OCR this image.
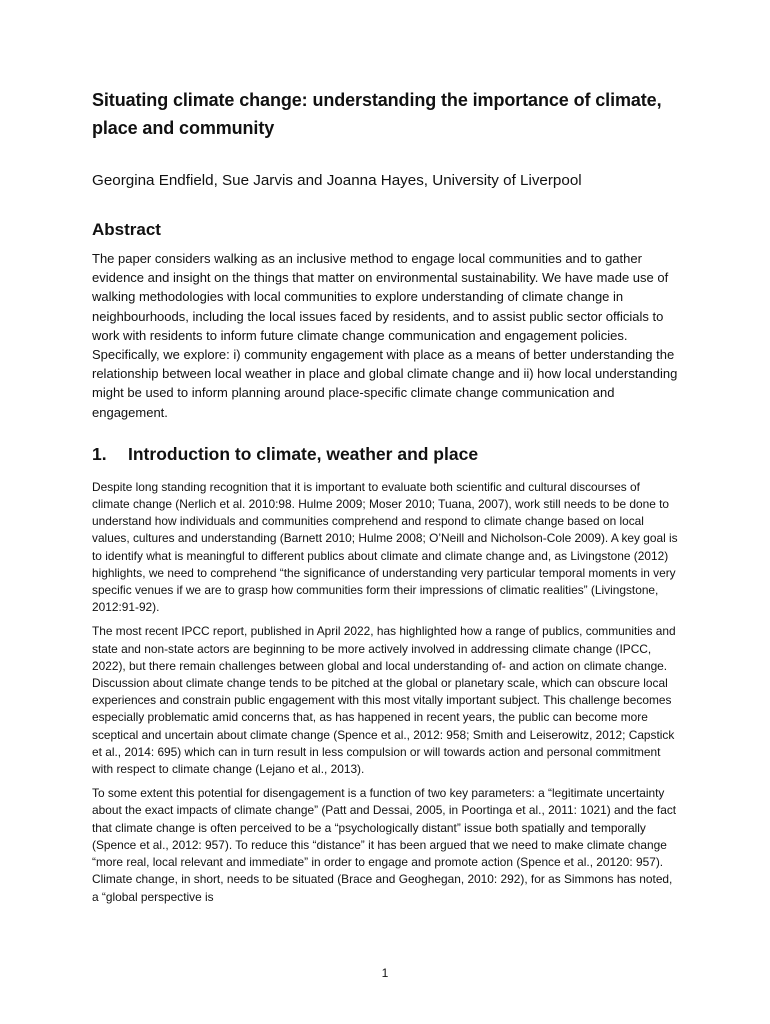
Situating climate change: understanding the importance of climate, place and community

Georgina Endfield, Sue Jarvis and Joanna Hayes, University of Liverpool

Abstract

The paper considers walking as an inclusive method to engage local communities and to gather evidence and insight on the things that matter on environmental sustainability. We have made use of walking methodologies with local communities to explore understanding of climate change in neighbourhoods, including the local issues faced by residents, and to assist public sector officials to work with residents to inform future climate change communication and engagement policies. Specifically, we explore: i) community engagement with place as a means of better understanding the relationship between local weather in place and global climate change and ii) how local understanding might be used to inform planning around place-specific climate change communication and engagement.

1.	Introduction to climate, weather and place

Despite long standing recognition that it is important to evaluate both scientific and cultural discourses of climate change (Nerlich et al. 2010:98. Hulme 2009; Moser 2010; Tuana, 2007), work still needs to be done to understand how individuals and communities comprehend and respond to climate change based on local values, cultures and understanding (Barnett 2010; Hulme 2008; O’Neill and Nicholson-Cole 2009). A key goal is to identify what is meaningful to different publics about climate and climate change and, as Livingstone (2012) highlights, we need to comprehend “the significance of understanding very particular temporal moments in very specific venues if we are to grasp how communities form their impressions of climatic realities” (Livingstone, 2012:91-92).

The most recent IPCC report, published in April 2022, has highlighted how a range of publics, communities and state and non-state actors are beginning to be more actively involved in addressing climate change (IPCC, 2022), but there remain challenges between global and local understanding of- and action on climate change. Discussion about climate change tends to be pitched at the global or planetary scale, which can obscure local experiences and constrain public engagement with this most vitally important subject. This challenge becomes especially problematic amid concerns that, as has happened in recent years, the public can become more sceptical and uncertain about climate change (Spence et al., 2012: 958; Smith and Leiserowitz, 2012; Capstick et al., 2014: 695) which can in turn result in less compulsion or will towards action and personal commitment with respect to climate change (Lejano et al., 2013).

To some extent this potential for disengagement is a function of two key parameters: a “legitimate uncertainty about the exact impacts of climate change” (Patt and Dessai, 2005, in Poortinga et al., 2011: 1021) and the fact that climate change is often perceived to be a “psychologically distant” issue both spatially and temporally (Spence et al., 2012: 957). To reduce this “distance” it has been argued that we need to make climate change “more real, local relevant and immediate” in order to engage and promote action (Spence et al., 20120: 957). Climate change, in short, needs to be situated (Brace and Geoghegan, 2010: 292), for as Simmons has noted, a “global perspective is

1
